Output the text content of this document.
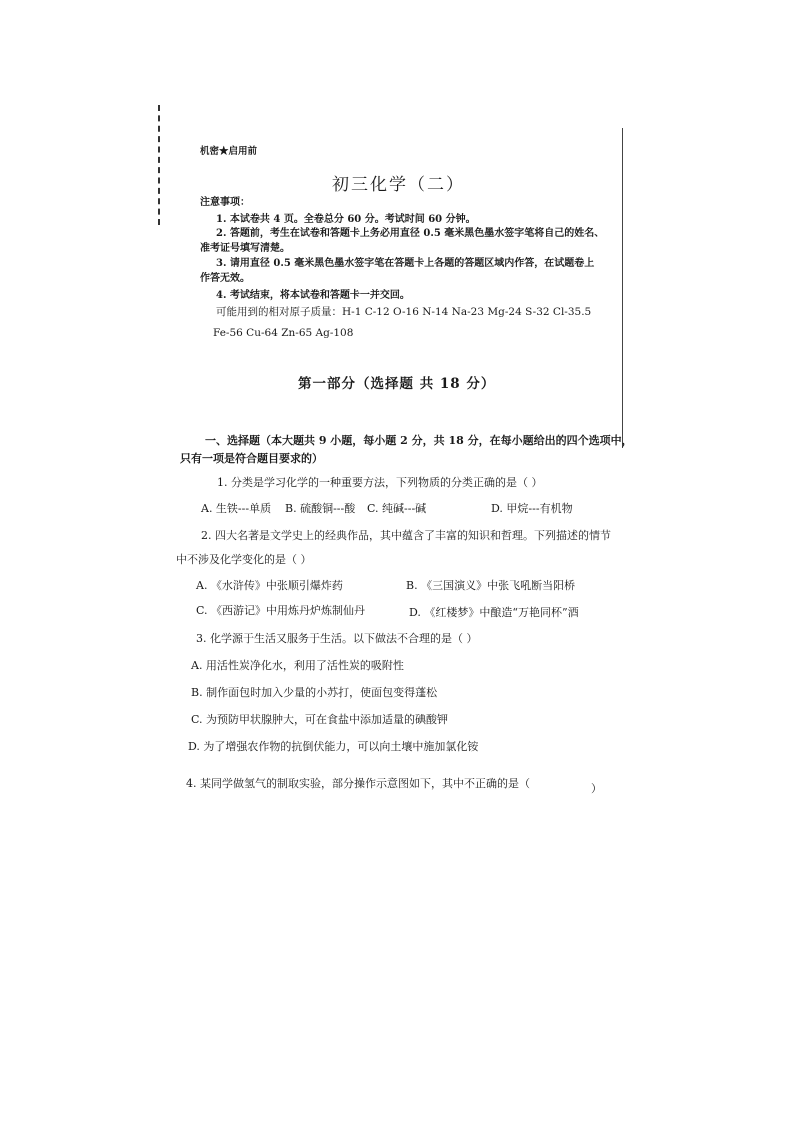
机密★启用前
初三化学（二）
注意事项：
1. 本试卷共 4 页。全卷总分 60 分。考试时间 60 分钟。
2. 答题前，考生在试卷和答题卡上务必用直径 0.5 毫米黑色墨水签字笔将自己的姓名、
准考证号填写清楚。
3. 请用直径 0.5 毫米黑色墨水签字笔在答题卡上各题的答题区域内作答，在试题卷上
作答无效。
4. 考试结束，将本试卷和答题卡一并交回。
可能用到的相对原子质量：H-1 C-12 O-16 N-14 Na-23 Mg-24 S-32 Cl-35.5
Fe-56 Cu-64 Zn-65 Ag-108
第一部分（选择题 共 18 分）
一、选择题（本大题共 9 小题，每小题 2 分，共 18 分，在每小题给出的四个选项中，
只有一项是符合题目要求的）
1. 分类是学习化学的一种重要方法，下列物质的分类正确的是（ ）
A. 生铁---单质 B. 硫酸铜---酸 C. 纯碱---碱	D. 甲烷---有机物
2. 四大名著是文学史上的经典作品，其中蕴含了丰富的知识和哲理。下列描述的情节
中不涉及化学变化的是（ ）
A. 《水浒传》中张顺引爆炸药	B. 《三国演义》中张飞吼断当阳桥
C. 《西游记》中用炼丹炉炼制仙丹	D. 《红楼梦》中酿造“万艳同杯”酒
3. 化学源于生活又服务于生活。以下做法不合理的是（ ）
A. 用活性炭净化水，利用了活性炭的吸附性
B. 制作面包时加入少量的小苏打，使面包变得蓬松
C. 为预防甲状腺肿大，可在食盐中添加适量的碘酸钾
D. 为了增强农作物的抗倒伏能力，可以向土壤中施加氯化铵
4. 某同学做氢气的制取实验，部分操作示意图如下，其中不正确的是（	）
